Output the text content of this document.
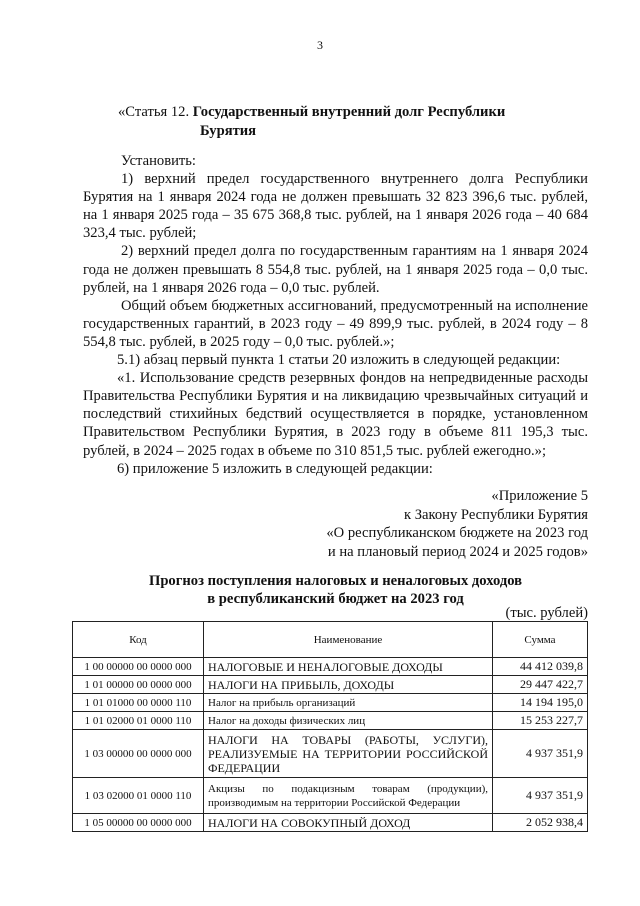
3
«Статья 12. Государственный внутренний долг Республики
Бурятия

Установить:

1) верхний предел государственного внутреннего долга Республики Бурятия на 1 января 2024 года не должен превышать 32 823 396,6 тыс. рублей, на 1 января 2025 года – 35 675 368,8 тыс. рублей, на 1 января 2026 года – 40 684 323,4 тыс. рублей;

2) верхний предел долга по государственным гарантиям на 1 января 2024 года не должен превышать 8 554,8 тыс. рублей, на 1 января 2025 года – 0,0 тыс. рублей, на 1 января 2026 года – 0,0 тыс. рублей.

Общий объем бюджетных ассигнований, предусмотренный на исполнение государственных гарантий, в 2023 году – 49 899,9 тыс. рублей, в 2024 году – 8 554,8 тыс. рублей, в 2025 году – 0,0 тыс. рублей.»;

5.1) абзац первый пункта 1 статьи 20 изложить в следующей редакции:

«1. Использование средств резервных фондов на непредвиденные расходы Правительства Республики Бурятия и на ликвидацию чрезвычайных ситуаций и последствий стихийных бедствий осуществляется в порядке, установленном Правительством Республики Бурятия, в 2023 году в объеме 811 195,3 тыс. рублей, в 2024 – 2025 годах в объеме по 310 851,5 тыс. рублей ежегодно.»;

6) приложение 5 изложить в следующей редакции:

«Приложение 5
к Закону Республики Бурятия
«О республиканском бюджете на 2023 год
и на плановый период 2024 и 2025 годов»
Прогноз поступления налоговых и неналоговых доходов
в республиканский бюджет на 2023 год
(тыс. рублей)
Код	Наименование	Сумма
1 00 00000 00 0000 000	НАЛОГОВЫЕ И НЕНАЛОГОВЫЕ ДОХОДЫ	44 412 039,8
1 01 00000 00 0000 000	НАЛОГИ НА ПРИБЫЛЬ, ДОХОДЫ	29 447 422,7
1 01 01000 00 0000 110	Налог на прибыль организаций	14 194 195,0
1 01 02000 01 0000 110	Налог на доходы физических лиц	15 253 227,7
1 03 00000 00 0000 000	НАЛОГИ НА ТОВАРЫ (РАБОТЫ, УСЛУГИ), РЕАЛИЗУЕМЫЕ НА ТЕРРИТОРИИ РОССИЙСКОЙ ФЕДЕРАЦИИ	4 937 351,9
1 03 02000 01 0000 110	Акцизы по подакцизным товарам (продукции), производимым на территории Российской Федерации	4 937 351,9
1 05 00000 00 0000 000	НАЛОГИ НА СОВОКУПНЫЙ ДОХОД	2 052 938,4
